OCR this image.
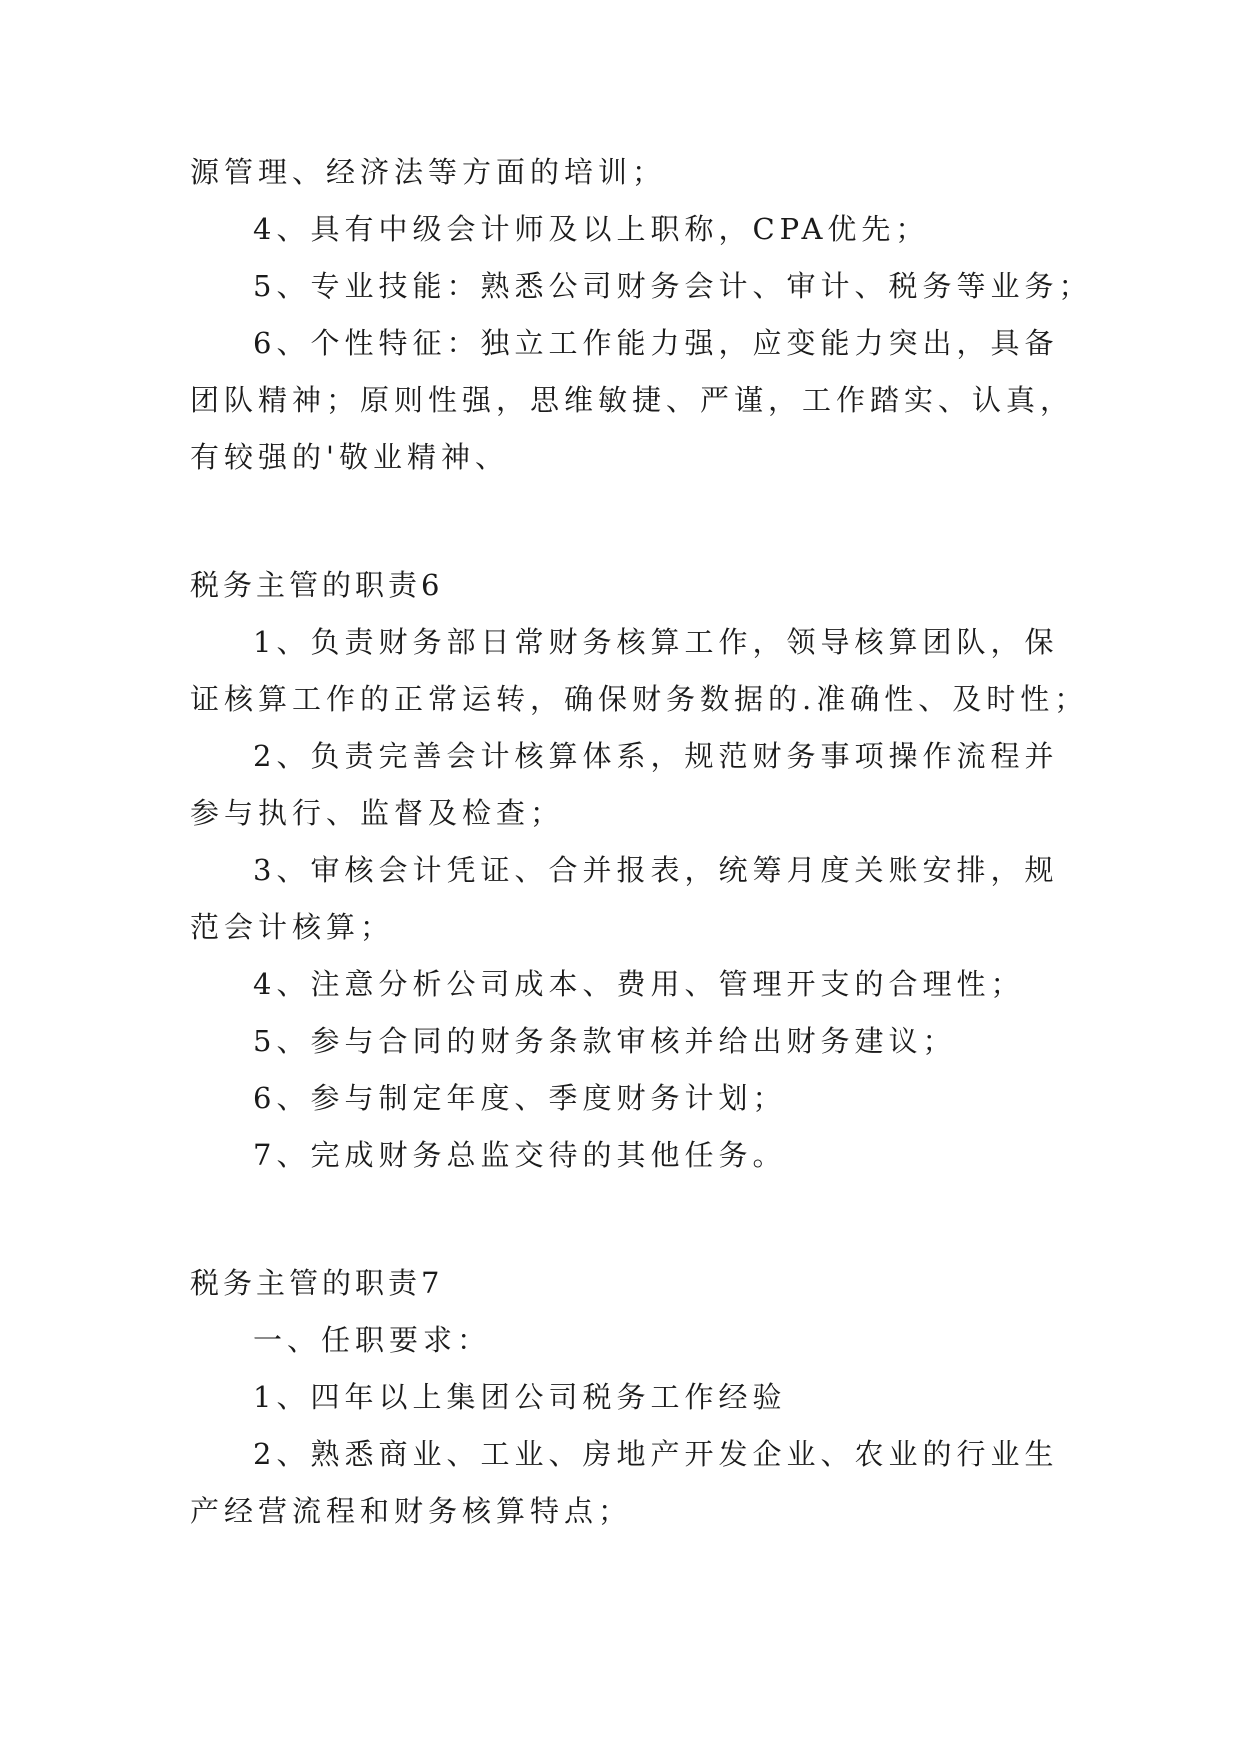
源管理、经济法等方面的培训；
4、具有中级会计师及以上职称，CPA优先；
5、专业技能：熟悉公司财务会计、审计、税务等业务；
6、个性特征：独立工作能力强，应变能力突出，具备
团队精神；原则性强，思维敏捷、严谨，工作踏实、认真，
有较强的'敬业精神、
税务主管的职责6
1、负责财务部日常财务核算工作，领导核算团队，保
证核算工作的正常运转，确保财务数据的.准确性、及时性；
2、负责完善会计核算体系，规范财务事项操作流程并
参与执行、监督及检查；
3、审核会计凭证、合并报表，统筹月度关账安排，规
范会计核算；
4、注意分析公司成本、费用、管理开支的合理性；
5、参与合同的财务条款审核并给出财务建议；
6、参与制定年度、季度财务计划；
7、完成财务总监交待的其他任务。
税务主管的职责7
一、任职要求：
1、四年以上集团公司税务工作经验
2、熟悉商业、工业、房地产开发企业、农业的行业生
产经营流程和财务核算特点；
